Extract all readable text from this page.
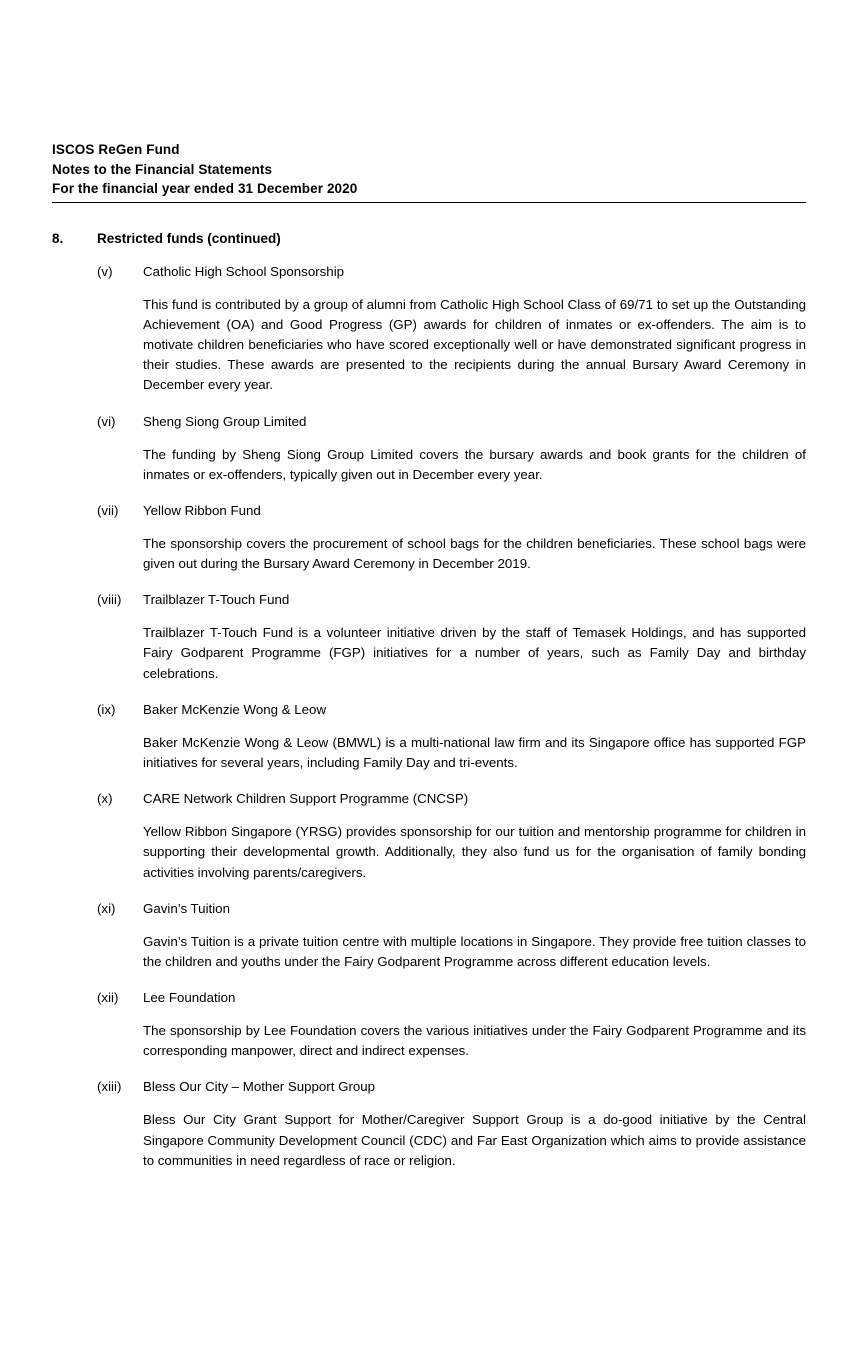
ISCOS ReGen Fund
Notes to the Financial Statements
For the financial year ended 31 December 2020
8.	Restricted funds (continued)
(v)	Catholic High School Sponsorship
This fund is contributed by a group of alumni from Catholic High School Class of 69/71 to set up the Outstanding Achievement (OA) and Good Progress (GP) awards for children of inmates or ex-offenders. The aim is to motivate children beneficiaries who have scored exceptionally well or have demonstrated significant progress in their studies. These awards are presented to the recipients during the annual Bursary Award Ceremony in December every year.
(vi)	Sheng Siong Group Limited
The funding by Sheng Siong Group Limited covers the bursary awards and book grants for the children of inmates or ex-offenders, typically given out in December every year.
(vii)	Yellow Ribbon Fund
The sponsorship covers the procurement of school bags for the children beneficiaries. These school bags were given out during the Bursary Award Ceremony in December 2019.
(viii)	Trailblazer T-Touch Fund
Trailblazer T-Touch Fund is a volunteer initiative driven by the staff of Temasek Holdings, and has supported Fairy Godparent Programme (FGP) initiatives for a number of years, such as Family Day and birthday celebrations.
(ix)	Baker McKenzie Wong & Leow
Baker McKenzie Wong & Leow (BMWL) is a multi-national law firm and its Singapore office has supported FGP initiatives for several years, including Family Day and tri-events.
(x)	CARE Network Children Support Programme (CNCSP)
Yellow Ribbon Singapore (YRSG) provides sponsorship for our tuition and mentorship programme for children in supporting their developmental growth. Additionally, they also fund us for the organisation of family bonding activities involving parents/caregivers.
(xi)	Gavin’s Tuition
Gavin’s Tuition is a private tuition centre with multiple locations in Singapore. They provide free tuition classes to the children and youths under the Fairy Godparent Programme across different education levels.
(xii)	Lee Foundation
The sponsorship by Lee Foundation covers the various initiatives under the Fairy Godparent Programme and its corresponding manpower, direct and indirect expenses.
(xiii)	Bless Our City – Mother Support Group
Bless Our City Grant Support for Mother/Caregiver Support Group is a do-good initiative by the Central Singapore Community Development Council (CDC) and Far East Organization which aims to provide assistance to communities in need regardless of race or religion.
